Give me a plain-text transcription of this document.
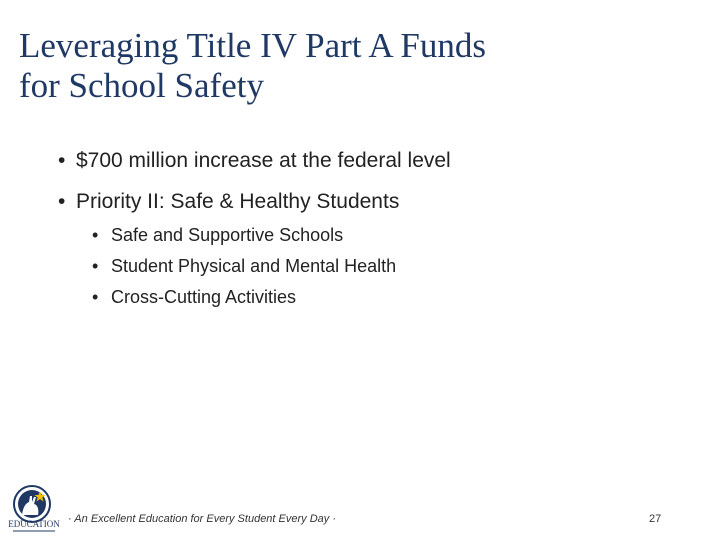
Leveraging Title IV Part A Funds
for School Safety
• $700 million increase at the federal level
• Priority II: Safe & Healthy Students
• Safe and Supportive Schools
• Student Physical and Mental Health
• Cross-Cutting Activities
EDUCATION · An Excellent Education for Every Student Every Day ·	27
